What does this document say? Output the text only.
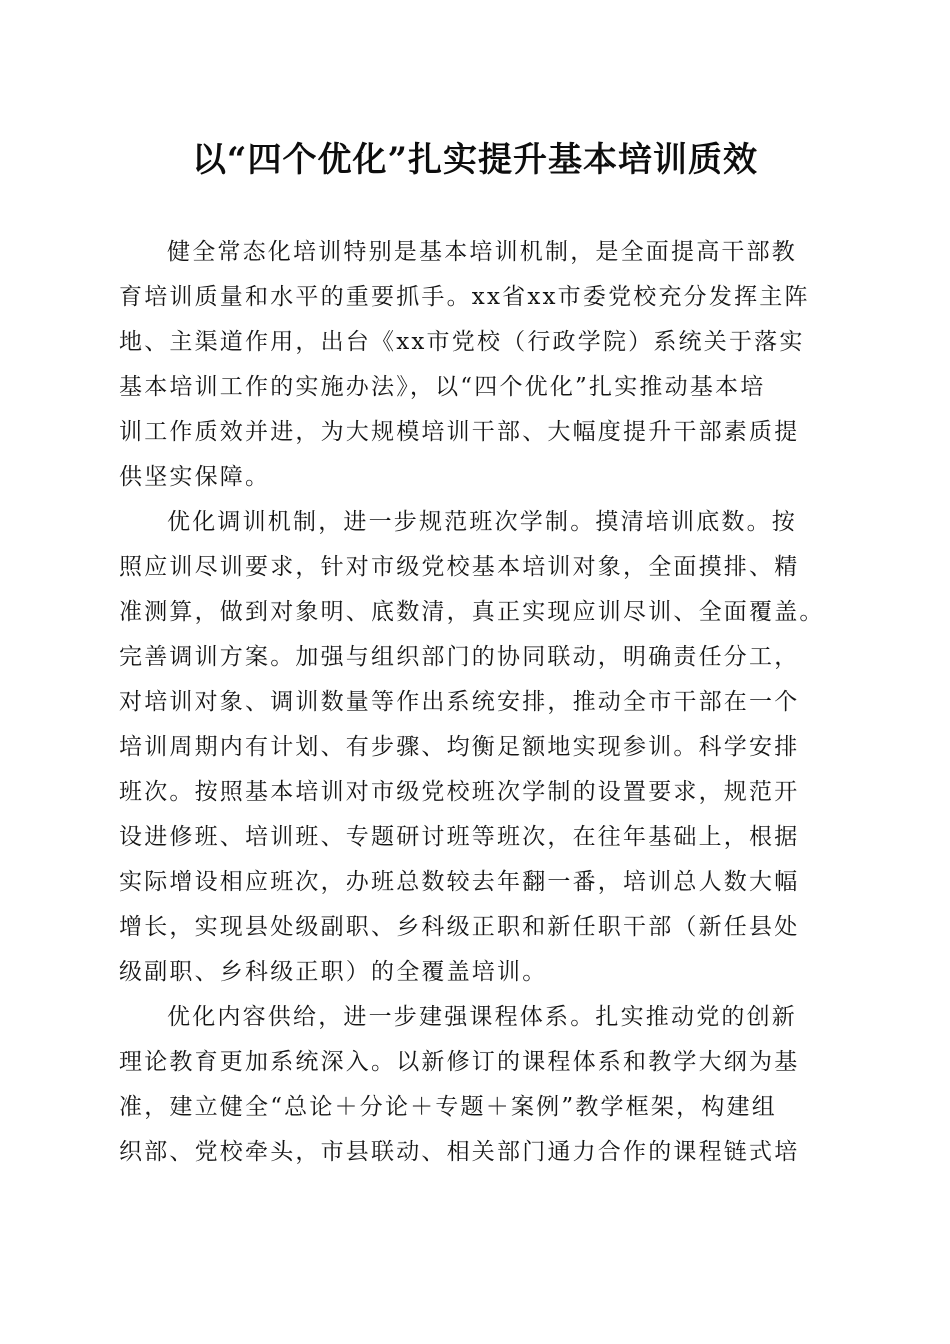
以“四个优化”扎实提升基本培训质效
健全常态化培训特别是基本培训机制，是全面提高干部教
育培训质量和水平的重要抓手。xx省xx市委党校充分发挥主阵
地、主渠道作用，出台《xx市党校（行政学院）系统关于落实
基本培训工作的实施办法》，以“四个优化”扎实推动基本培
训工作质效并进，为大规模培训干部、大幅度提升干部素质提
供坚实保障。
优化调训机制，进一步规范班次学制。摸清培训底数。按
照应训尽训要求，针对市级党校基本培训对象，全面摸排、精
准测算，做到对象明、底数清，真正实现应训尽训、全面覆盖。
完善调训方案。加强与组织部门的协同联动，明确责任分工，
对培训对象、调训数量等作出系统安排，推动全市干部在一个
培训周期内有计划、有步骤、均衡足额地实现参训。科学安排
班次。按照基本培训对市级党校班次学制的设置要求，规范开
设进修班、培训班、专题研讨班等班次，在往年基础上，根据
实际增设相应班次，办班总数较去年翻一番，培训总人数大幅
增长，实现县处级副职、乡科级正职和新任职干部（新任县处
级副职、乡科级正职）的全覆盖培训。
优化内容供给，进一步建强课程体系。扎实推动党的创新
理论教育更加系统深入。以新修订的课程体系和教学大纲为基
准，建立健全“总论＋分论＋专题＋案例”教学框架，构建组
织部、党校牵头，市县联动、相关部门通力合作的课程链式培
